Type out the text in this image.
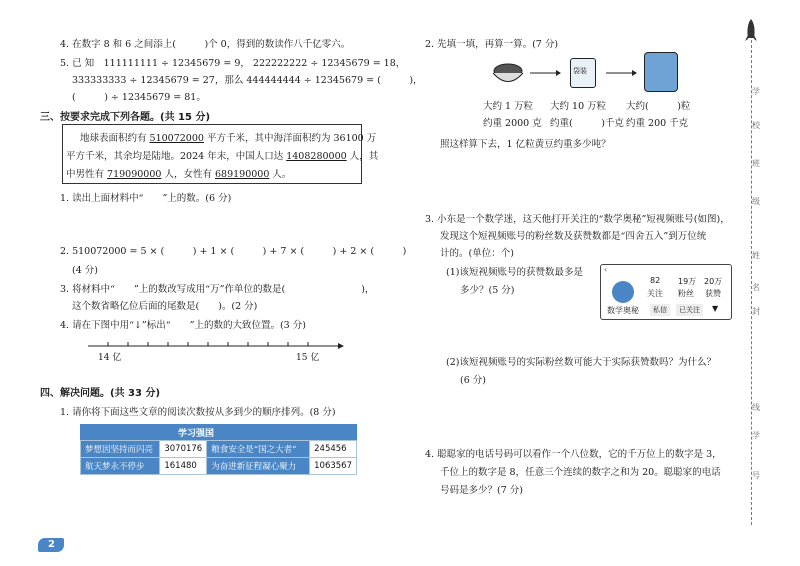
4. 在数字 8 和 6 之间添上(　　　)个 0，得到的数读作八千亿零六。
5. 已 知　111111111 ÷ 12345679 = 9， 222222222 ÷ 12345679 = 18，
333333333 ÷ 12345679 = 27，那么 444444444 ÷ 12345679 = (　　　)，
(　　　) ÷ 12345679 = 81。
三、按要求完成下列各题。(共 15 分)
地球表面积约有 510072000 平方千米，其中海洋面积约为 36100 万
平方千米，其余均是陆地。2024 年末，中国人口达 1408280000 人，其
中男性有 719090000 人，女性有 689190000 人。
1. 读出上面材料中“　　”上的数。(6 分)
2. 510072000 = 5 × (　　　) + 1 × (　　　) + 7 × (　　　) + 2 × (　　　)
(4 分)
3. 将材料中“　　”上的数改写成用“万”作单位的数是(　　　　　　　　)，
这个数省略亿位后面的尾数是(　　)。(2 分)
4. 请在下图中用“↓”标出“　　”上的数的大致位置。(3 分)
14 亿	15 亿
四、解决问题。(共 33 分)
1. 请你将下面这些文章的阅读次数按从多到少的顺序排列。(8 分)
学习强国
梦想因坚持而闪亮	3070176	粮食安全是“国之大者”	245456
航天梦永不停步	161480	为奋进新征程凝心聚力	1063567
2
2. 先填一填，再算一算。(7 分)
袋装
大约 1 万粒 大约 10 万粒 大约(　　　)粒
约重 2000 克 约重(　　　)千克 约重 200 千克
照这样算下去，1 亿粒黄豆约重多少吨？
3. 小东是一个数学迷，这天他打开关注的“数学奥秘”短视频账号(如图)，
发现这个短视频账号的粉丝数及获赞数都是“四舍五入”到万位统
计的。(单位：个)
(1)该短视频账号的获赞数最多是
多少？(5 分)
‹
82
关注
19万
粉丝
20万
获赞
数学奥秘	私信	已关注	▼
(2)该短视频账号的实际粉丝数可能大于实际获赞数吗？为什么？
(6 分)
4. 聪聪家的电话号码可以看作一个八位数，它的千万位上的数字是 3，
千位上的数字是 8，任意三个连续的数字之和为 20。聪聪家的电话
号码是多少？(7 分)
学
校
班
级
姓
名
封
线
学
号
